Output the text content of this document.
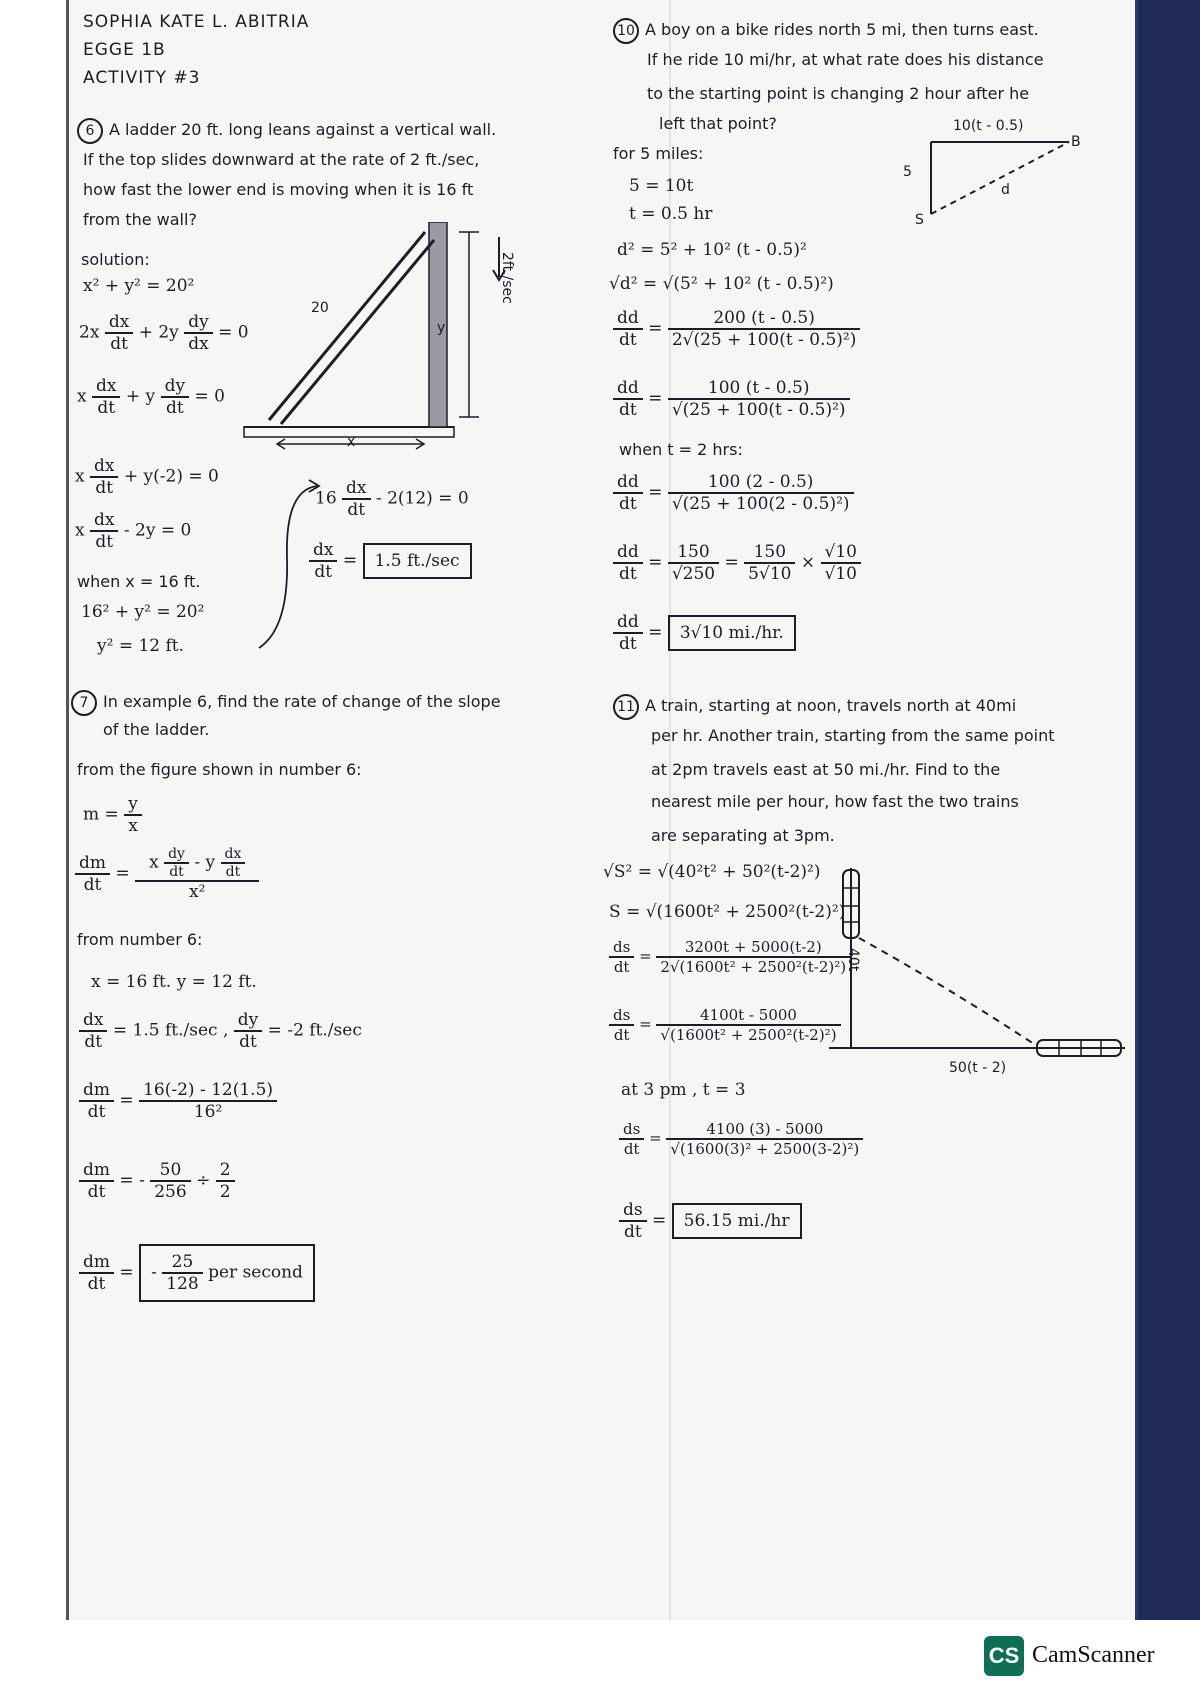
SOPHIA KATE L. ABITRIA
EGGE 1B
ACTIVITY #3
6 A ladder 20 ft. long leans against a vertical wall.
If the top slides downward at the rate of 2 ft./sec,
how fast the lower end is moving when it is 16 ft
from the wall?
solution:
x² + y² = 20²
$2x \frac{dx}{dt} + 2y \frac{dy}{dx} = 0$
x $\frac{dx}{dt} + y \frac{dy}{dt} = 0$
x $\frac{dx}{dt} + y(-2) = 0$
x $\frac{dx}{dt} - 2y = 0$
when x = 16 ft.
16² + y² = 20²
y² = 12 ft.
20
2ft./sec
y
x
$16 \frac{dx}{dt} - 2(12) = 0$
$\frac{dx}{dt} = 1.5$ ft./sec
7 In example 6, find the rate of change of the slope
of the ladder.
from the figure shown in number 6:
$m = \frac{y}{x}$
$\frac{dm}{dt} = \frac{x \frac{dy}{dt} - y \frac{dx}{dt}}{\text{x²}}$
from number 6:
x = 16 ft. y = 12 ft.
$\frac{dx}{dt} = 1.5$ ft./sec , $\frac{dy}{dt} = -2$ ft./sec
$\frac{dm}{dt} = \frac{16(-2) - 12(1.5)}{\text{16²}}$
$\frac{dm}{dt}$ = - $\frac{50}{256} \div \frac{2}{2}$
$\frac{dm}{dt}$ = - $\frac{25}{128}$ per second
10 A boy on a bike rides north 5 mi, then turns east.
If he ride 10 mi/hr, at what rate does his distance
to the starting point is changing 2 hour after he
left that point?
for 5 miles:
5 = 10t
t = 0.5 hr
d² = 5² + 10² (t - 0.5)²
√d² = √(5² + 10² (t - 0.5)²)
$\frac{dd}{dt} = \frac{200 (t - 0.5)}{\text{2√(25 + 100(t - 0.5)²)}}$
$\frac{dd}{dt} = \frac{100 (t - 0.5)}{\text{√(25 + 100(t - 0.5)²)}}$
when t = 2 hrs:
$\frac{dd}{dt} = \frac{100 (2 - 0.5)}{\text{√(25 + 100(2 - 0.5)²)}}$
$\frac{dd}{dt} = \frac{150}{√250} = \frac{150}{5√10} \times \frac{√10}{√10}$
$\frac{dd}{dt} = 3√10$ mi./hr.
10(t - 0.5)
5
d
S
B
11 A train, starting at noon, travels north at 40mi
per hr. Another train, starting from the same point
at 2pm travels east at 50 mi./hr. Find to the
nearest mile per hour, how fast the two trains
are separating at 3pm.
√S² = √(40²t² + 50²(t-2)²)
S = √(1600t² + 2500²(t-2)²)
$\frac{ds}{dt} = \frac{3200t + 5000(t-2)}{\text{2√(1600t² + 2500²(t-2)²)}}$
$\frac{ds}{dt} = \frac{4100t - 5000}{\text{√(1600t² + 2500²(t-2)²)}}$
at 3 pm , t = 3
$\frac{ds}{dt} = \frac{4100 (3) - 5000}{\text{√(1600(3)² + 2500(3-2)²)}}$
$\frac{ds}{dt} = 56.15$ mi./hr
40t
50(t - 2)
CS CamScanner
